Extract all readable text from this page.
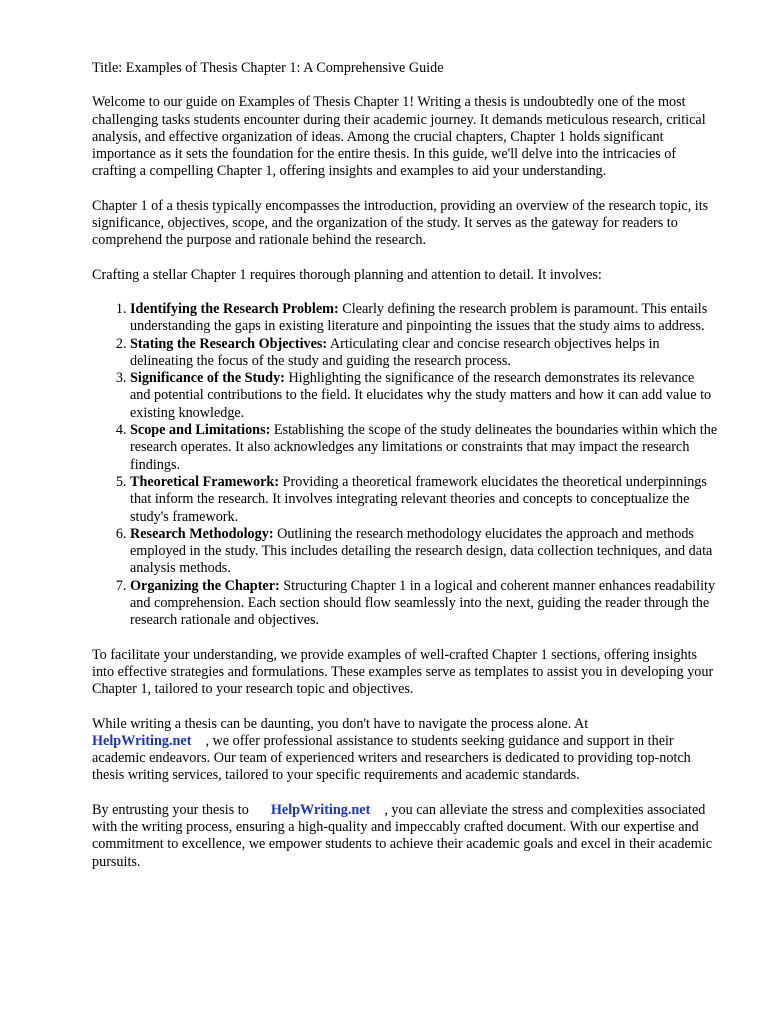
Title: Examples of Thesis Chapter 1: A Comprehensive Guide

Welcome to our guide on Examples of Thesis Chapter 1! Writing a thesis is undoubtedly one of the most challenging tasks students encounter during their academic journey. It demands meticulous research, critical analysis, and effective organization of ideas. Among the crucial chapters, Chapter 1 holds significant importance as it sets the foundation for the entire thesis. In this guide, we'll delve into the intricacies of crafting a compelling Chapter 1, offering insights and examples to aid your understanding.

Chapter 1 of a thesis typically encompasses the introduction, providing an overview of the research topic, its significance, objectives, scope, and the organization of the study. It serves as the gateway for readers to comprehend the purpose and rationale behind the research.

Crafting a stellar Chapter 1 requires thorough planning and attention to detail. It involves:

1. Identifying the Research Problem: Clearly defining the research problem is paramount. This entails understanding the gaps in existing literature and pinpointing the issues that the study aims to address.
2. Stating the Research Objectives: Articulating clear and concise research objectives helps in delineating the focus of the study and guiding the research process.
3. Significance of the Study: Highlighting the significance of the research demonstrates its relevance and potential contributions to the field. It elucidates why the study matters and how it can add value to existing knowledge.
4. Scope and Limitations: Establishing the scope of the study delineates the boundaries within which the research operates. It also acknowledges any limitations or constraints that may impact the research findings.
5. Theoretical Framework: Providing a theoretical framework elucidates the theoretical underpinnings that inform the research. It involves integrating relevant theories and concepts to conceptualize the study's framework.
6. Research Methodology: Outlining the research methodology elucidates the approach and methods employed in the study. This includes detailing the research design, data collection techniques, and data analysis methods.
7. Organizing the Chapter: Structuring Chapter 1 in a logical and coherent manner enhances readability and comprehension. Each section should flow seamlessly into the next, guiding the reader through the research rationale and objectives.

To facilitate your understanding, we provide examples of well-crafted Chapter 1 sections, offering insights into effective strategies and formulations. These examples serve as templates to assist you in developing your Chapter 1, tailored to your research topic and objectives.

While writing a thesis can be daunting, you don't have to navigate the process alone. At
HelpWriting.net , we offer professional assistance to students seeking guidance and support in their academic endeavors. Our team of experienced writers and researchers is dedicated to providing top-notch thesis writing services, tailored to your specific requirements and academic standards.

By entrusting your thesis to HelpWriting.net , you can alleviate the stress and complexities associated with the writing process, ensuring a high-quality and impeccably crafted document. With our expertise and commitment to excellence, we empower students to achieve their academic goals and excel in their academic pursuits.
